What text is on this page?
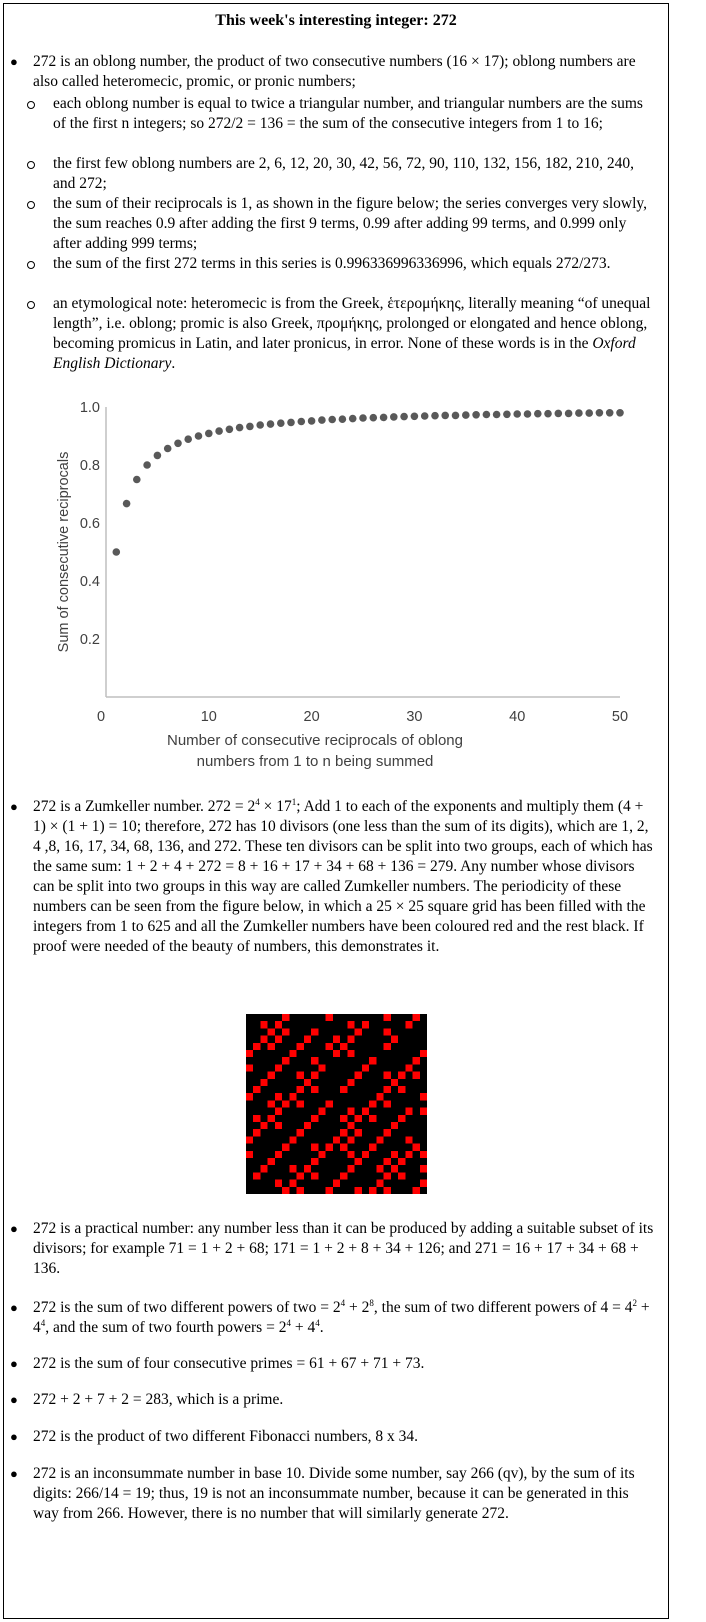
This week's interesting integer: 272
● 272 is an oblong number, the product of two consecutive numbers (16 × 17); oblong numbers are also called heteromecic, promic, or pronic numbers;
each oblong number is equal to twice a triangular number, and triangular numbers are the sums of the first n integers; so 272/2 = 136 = the sum of the consecutive integers from 1 to 16;
the first few oblong numbers are 2, 6, 12, 20, 30, 42, 56, 72, 90, 110, 132, 156, 182, 210, 240, and 272;
the sum of their reciprocals is 1, as shown in the figure below; the series converges very slowly, the sum reaches 0.9 after adding the first 9 terms, 0.99 after adding 99 terms, and 0.999 only after adding 999 terms;
the sum of the first 272 terms in this series is 0.996336996336996, which equals 272/273.
an etymological note: heteromecic is from the Greek, ἑτερομήκης, literally meaning “of unequal length”, i.e. oblong; promic is also Greek, προμήκης, prolonged or elongated and hence oblong, becoming promicus in Latin, and later pronicus, in error. None of these words is in the Oxford English Dictionary.
0	10	20	30	40	50
0.2
0.4
0.6
0.8
1.0
Sum of consecutive reciprocals
Number of consecutive reciprocals of oblong
numbers from 1 to n being summed
● 272 is a Zumkeller number. $272 = 2^4 \times 17^1$; Add 1 to each of the exponents and multiply them (4 + 1) × (1 + 1) = 10; therefore, 272 has 10 divisors (one less than the sum of its digits), which are 1, 2, 4 ,8, 16, 17, 34, 68, 136, and 272. These ten divisors can be split into two groups, each of which has the same sum: 1 + 2 + 4 + 272 = 8 + 16 + 17 + 34 + 68 + 136 = 279. Any number whose divisors can be split into two groups in this way are called Zumkeller numbers. The periodicity of these numbers can be seen from the figure below, in which a 25 × 25 square grid has been filled with the integers from 1 to 625 and all the Zumkeller numbers have been coloured red and the rest black. If proof were needed of the beauty of numbers, this demonstrates it.
● 272 is a practical number: any number less than it can be produced by adding a suitable subset of its divisors; for example 71 = 1 + 2 + 68; 171 = 1 + 2 + 8 + 34 + 126; and 271 = 16 + 17 + 34 + 68 + 136.
● 272 is the sum of two different powers of two = $2^4 + 2^8$, the sum of two different powers of $4 = 4^2 + 4^4$, and the sum of two fourth powers = $2^4 + 4^4$.
● 272 is the sum of four consecutive primes = 61 + 67 + 71 + 73.
● 272 + 2 + 7 + 2 = 283, which is a prime.
● 272 is the product of two different Fibonacci numbers, 8 x 34.
● 272 is an inconsummate number in base 10. Divide some number, say 266 (qv), by the sum of its digits: 266/14 = 19; thus, 19 is not an inconsummate number, because it can be generated in this way from 266. However, there is no number that will similarly generate 272.
